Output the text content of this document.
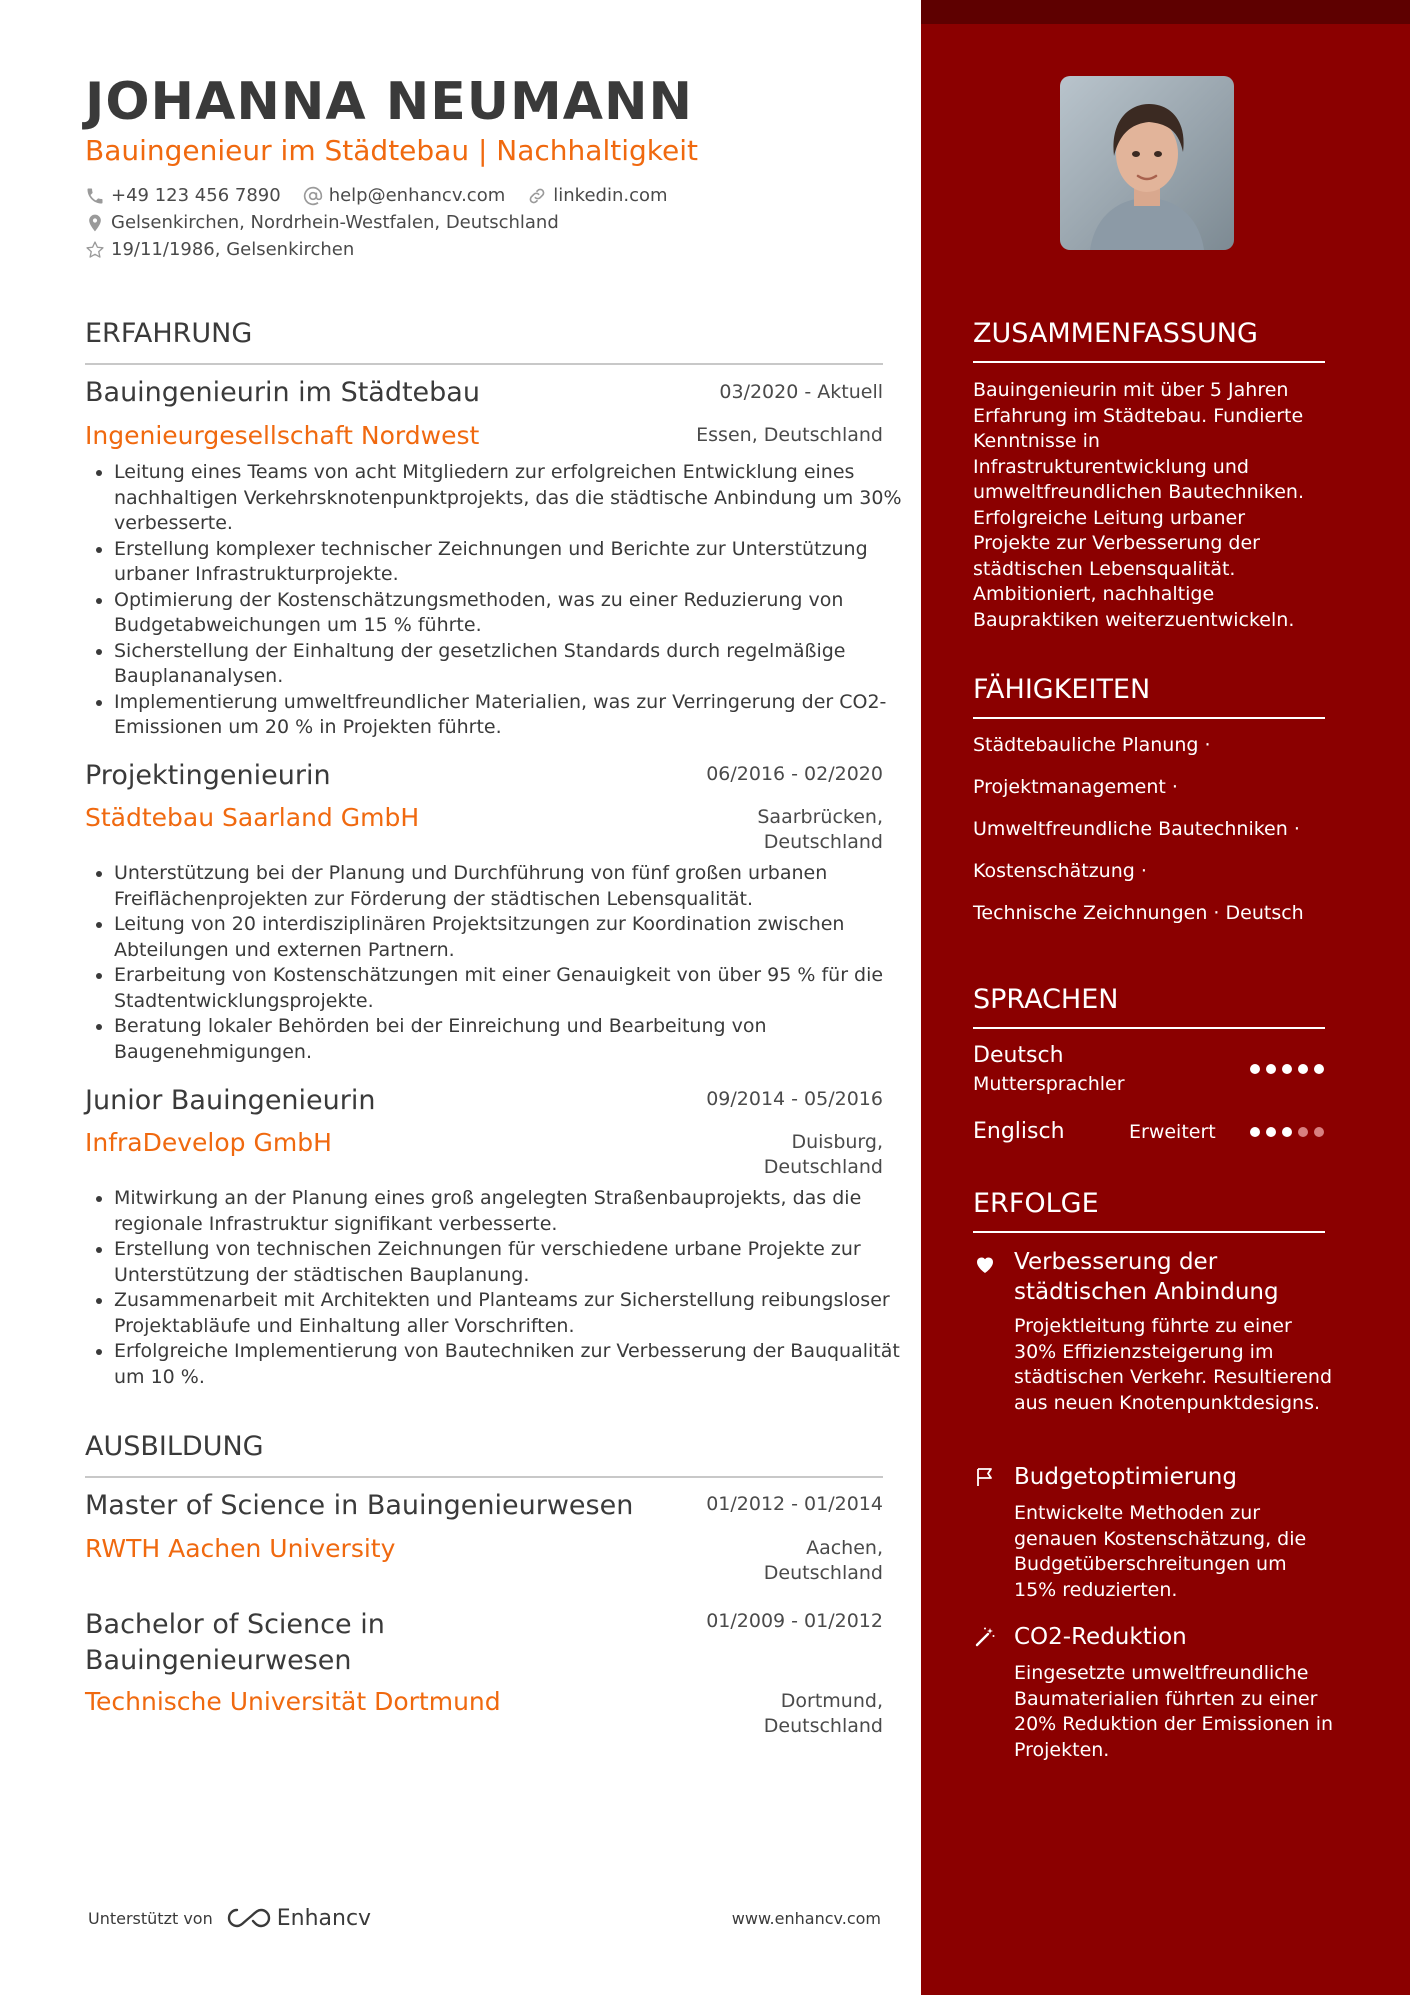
JOHANNA NEUMANN
Bauingenieur im Städtebau | Nachhaltigkeit
+49 123 456 7890	help@enhancv.com	linkedin.com
Gelsenkirchen, Nordrhein-Westfalen, Deutschland
19/11/1986, Gelsenkirchen
ERFAHRUNG
Bauingenieurin im Städtebau	03/2020 - Aktuell
Ingenieurgesellschaft Nordwest	Essen, Deutschland
• Leitung eines Teams von acht Mitgliedern zur erfolgreichen Entwicklung eines nachhaltigen Verkehrsknotenpunktprojekts, das die städtische Anbindung um 30% verbesserte.
• Erstellung komplexer technischer Zeichnungen und Berichte zur Unterstützung urbaner Infrastrukturprojekte.
• Optimierung der Kostenschätzungsmethoden, was zu einer Reduzierung von Budgetabweichungen um 15 % führte.
• Sicherstellung der Einhaltung der gesetzlichen Standards durch regelmäßige Bauplananalysen.
• Implementierung umweltfreundlicher Materialien, was zur Verringerung der CO2-Emissionen um 20 % in Projekten führte.
Projektingenieurin	06/2016 - 02/2020
Städtebau Saarland GmbH	Saarbrücken,
Deutschland
• Unterstützung bei der Planung und Durchführung von fünf großen urbanen Freiflächenprojekten zur Förderung der städtischen Lebensqualität.
• Leitung von 20 interdisziplinären Projektsitzungen zur Koordination zwischen Abteilungen und externen Partnern.
• Erarbeitung von Kostenschätzungen mit einer Genauigkeit von über 95 % für die Stadtentwicklungsprojekte.
• Beratung lokaler Behörden bei der Einreichung und Bearbeitung von Baugenehmigungen.
Junior Bauingenieurin	09/2014 - 05/2016
InfraDevelop GmbH	Duisburg,
Deutschland
• Mitwirkung an der Planung eines groß angelegten Straßenbauprojekts, das die regionale Infrastruktur signifikant verbesserte.
• Erstellung von technischen Zeichnungen für verschiedene urbane Projekte zur Unterstützung der städtischen Bauplanung.
• Zusammenarbeit mit Architekten und Planteams zur Sicherstellung reibungsloser Projektabläufe und Einhaltung aller Vorschriften.
• Erfolgreiche Implementierung von Bautechniken zur Verbesserung der Bauqualität um 10 %.
AUSBILDUNG
Master of Science in Bauingenieurwesen	01/2012 - 01/2014
RWTH Aachen University	Aachen,
Deutschland
Bachelor of Science in
Bauingenieurwesen
01/2009 - 01/2012
Technische Universität Dortmund	Dortmund,
Deutschland
Unterstützt von	Enhancv	www.enhancv.com
ZUSAMMENFASSUNG
Bauingenieurin mit über 5 Jahren Erfahrung im Städtebau. Fundierte Kenntnisse in Infrastrukturentwicklung und umweltfreundlichen Bautechniken. Erfolgreiche Leitung urbaner Projekte zur Verbesserung der städtischen Lebensqualität. Ambitioniert, nachhaltige Baupraktiken weiterzuentwickeln.
FÄHIGKEITEN
Städtebauliche Planung ·
Projektmanagement ·
Umweltfreundliche Bautechniken ·
Kostenschätzung ·
Technische Zeichnungen · Deutsch
SPRACHEN
Deutsch
Muttersprachler
Englisch	Erweitert
ERFOLGE
Verbesserung der städtischen Anbindung
Projektleitung führte zu einer 30% Effizienzsteigerung im städtischen Verkehr. Resultierend aus neuen Knotenpunktdesigns.
Budgetoptimierung
Entwickelte Methoden zur genauen Kostenschätzung, die Budgetüberschreitungen um 15% reduzierten.
CO2-Reduktion
Eingesetzte umweltfreundliche Baumaterialien führten zu einer 20% Reduktion der Emissionen in Projekten.
